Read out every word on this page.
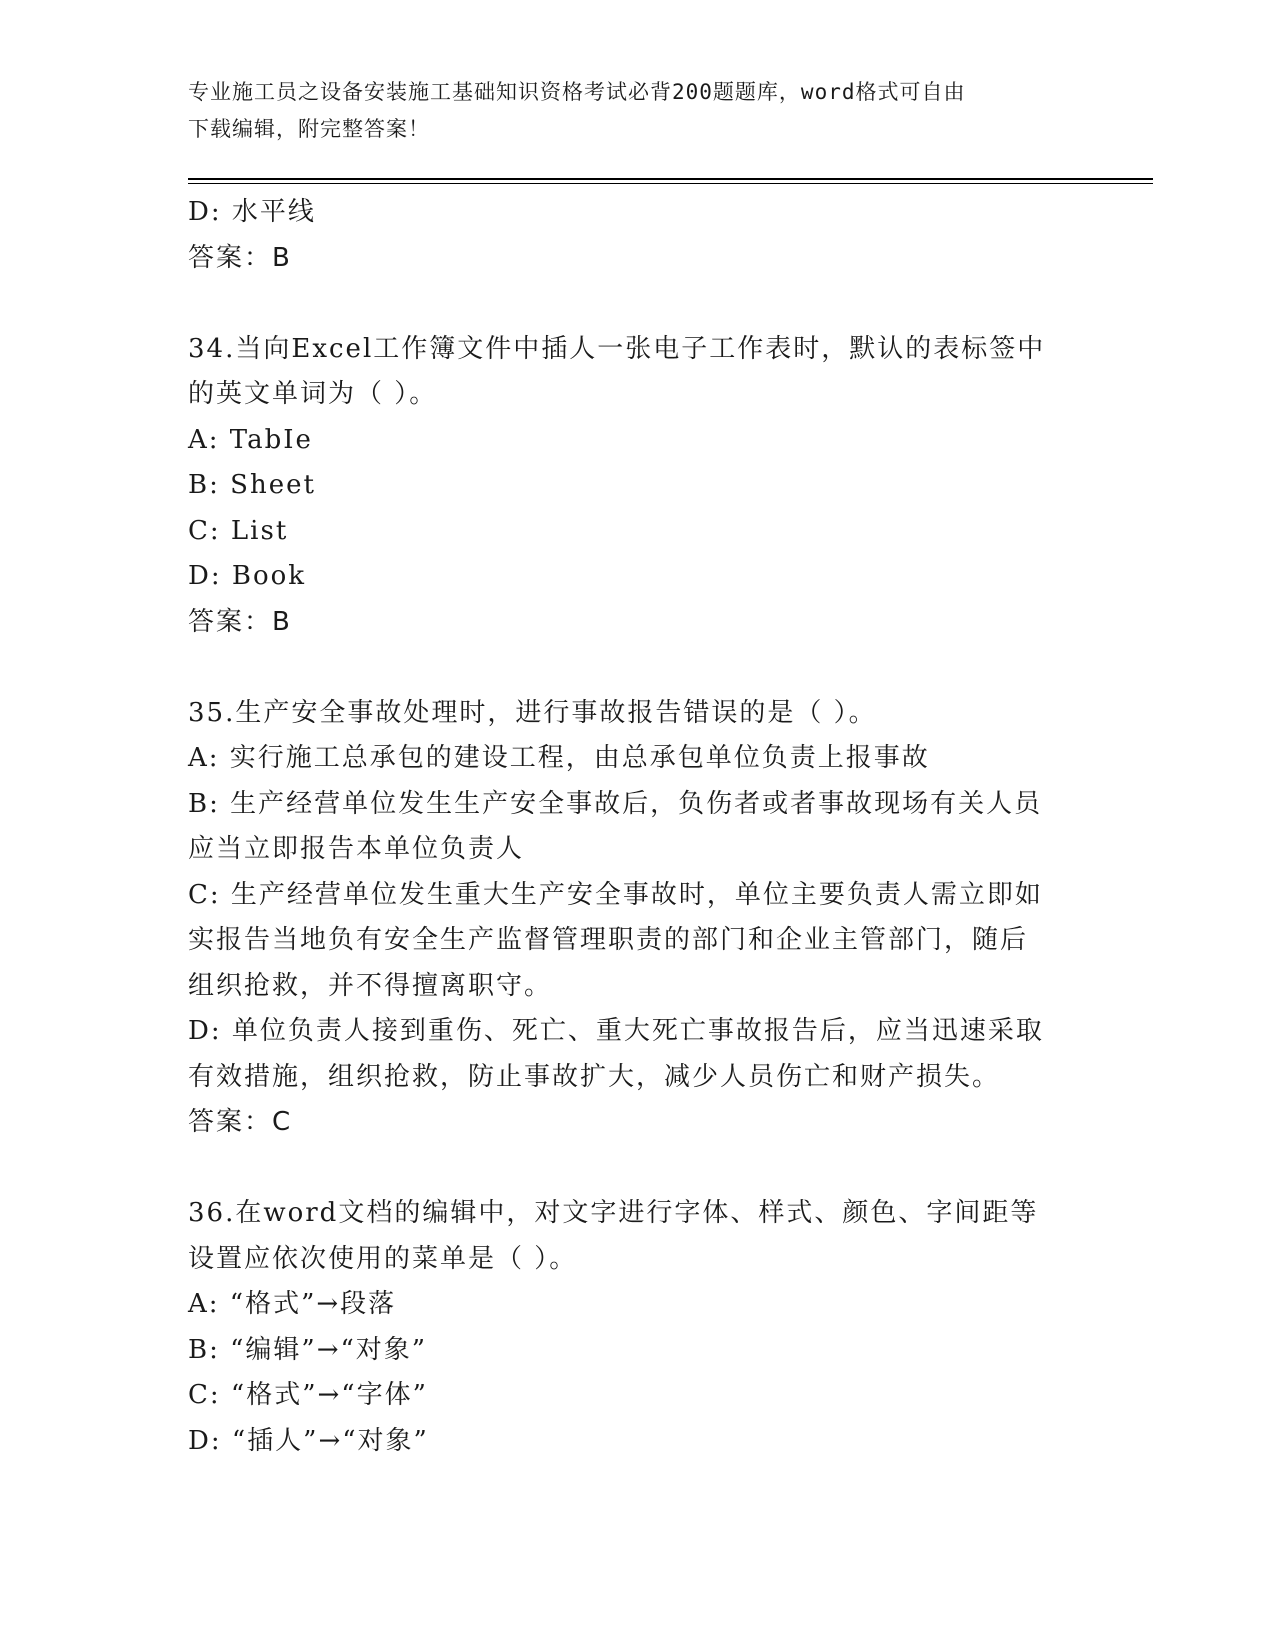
专业施工员之设备安装施工基础知识资格考试必背200题题库，word格式可自由
下载编辑，附完整答案！
D: 水平线
答案：B
34.当向Excel工作簿文件中插人一张电子工作表时，默认的表标签中
的英文单词为（ ）。
A: TabIe
B: Sheet
C: List
D: Book
答案：B
35.生产安全事故处理时，进行事故报告错误的是（ ）。
A: 实行施工总承包的建设工程，由总承包单位负责上报事故
B: 生产经营单位发生生产安全事故后，负伤者或者事故现场有关人员
应当立即报告本单位负责人
C: 生产经营单位发生重大生产安全事故时，单位主要负责人需立即如
实报告当地负有安全生产监督管理职责的部门和企业主管部门，随后
组织抢救，并不得擅离职守。
D: 单位负责人接到重伤、死亡、重大死亡事故报告后，应当迅速采取
有效措施，组织抢救，防止事故扩大，减少人员伤亡和财产损失。
答案：C
36.在word文档的编辑中，对文字进行字体、样式、颜色、字间距等
设置应依次使用的菜单是（ ）。
A: “格式”→段落
B: “编辑”→“对象”
C: “格式”→“字体”
D: “插人”→“对象”
